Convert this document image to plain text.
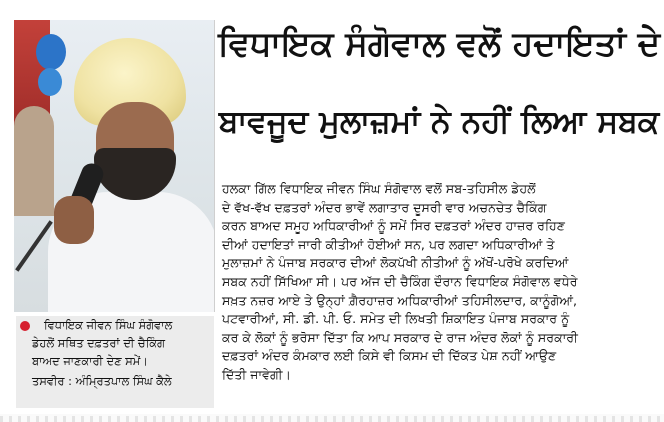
ਵਿਧਾਇਕ ਜੀਵਨ ਸਿੰਘ ਸੰਗੋਵਾਲ
ਡੇਹਲੋਂ ਸਥਿਤ ਦਫ਼ਤਰਾਂ ਦੀ ਚੈਕਿੰਗ
ਬਾਅਦ ਜਾਣਕਾਰੀ ਦੇਣ ਸਮੇਂ।
ਤਸਵੀਰ : ਅੰਮ੍ਰਿਤਪਾਲ ਸਿੰਘ ਕੈਲੇ
ਵਿਧਾਇਕ ਸੰਗੋਵਾਲ ਵਲੋਂ ਹਦਾਇਤਾਂ ਦੇ
ਬਾਵਜੂਦ ਮੁਲਾਜ਼ਮਾਂ ਨੇ ਨਹੀਂ ਲਿਆ ਸਬਕ
ਹਲਕਾ ਗਿੱਲ ਵਿਧਾਇਕ ਜੀਵਨ ਸਿੰਘ ਸੰਗੋਵਾਲ ਵਲੋਂ ਸਬ-ਤਹਿਸੀਲ ਡੇਹਲੋਂ
ਦੇ ਵੱਖ-ਵੱਖ ਦਫ਼ਤਰਾਂ ਅੰਦਰ ਭਾਵੇਂ ਲਗਾਤਾਰ ਦੂਸਰੀ ਵਾਰ ਅਚਨਚੇਤ ਚੈਕਿੰਗ
ਕਰਨ ਬਾਅਦ ਸਮੂਹ ਅਧਿਕਾਰੀਆਂ ਨੂੰ ਸਮੇਂ ਸਿਰ ਦਫ਼ਤਰਾਂ ਅੰਦਰ ਹਾਜ਼ਰ ਰਹਿਣ
ਦੀਆਂ ਹਦਾਇਤਾਂ ਜਾਰੀ ਕੀਤੀਆਂ ਹੋਈਆਂ ਸਨ, ਪਰ ਲਗਦਾ ਅਧਿਕਾਰੀਆਂ ਤੇ
ਮੁਲਾਜ਼ਮਾਂ ਨੇ ਪੰਜਾਬ ਸਰਕਾਰ ਦੀਆਂ ਲੋਕਪੱਖੀ ਨੀਤੀਆਂ ਨੂੰ ਅੱਖੋਂ-ਪਰੋਖੇ ਕਰਦਿਆਂ
ਸਬਕ ਨਹੀਂ ਸਿੱਖਿਆ ਸੀ। ਪਰ ਅੱਜ ਦੀ ਚੈਕਿੰਗ ਦੌਰਾਨ ਵਿਧਾਇਕ ਸੰਗੋਵਾਲ ਵਧੇਰੇ
ਸਖ਼ਤ ਨਜ਼ਰ ਆਏ ਤੇ ਉਨ੍ਹਾਂ ਗ਼ੈਰਹਾਜ਼ਰ ਅਧਿਕਾਰੀਆਂ ਤਹਿਸੀਲਦਾਰ, ਕਾਨੂੰਗੋਆਂ,
ਪਟਵਾਰੀਆਂ, ਸੀ. ਡੀ. ਪੀ. ਓ. ਸਮੇਤ ਦੀ ਲਿਖਤੀ ਸ਼ਿਕਾਇਤ ਪੰਜਾਬ ਸਰਕਾਰ ਨੂੰ
ਕਰ ਕੇ ਲੋਕਾਂ ਨੂੰ ਭਰੋਸਾ ਦਿੱਤਾ ਕਿ ਆਪ ਸਰਕਾਰ ਦੇ ਰਾਜ ਅੰਦਰ ਲੋਕਾਂ ਨੂੰ ਸਰਕਾਰੀ
ਦਫ਼ਤਰਾਂ ਅੰਦਰ ਕੰਮਕਾਰ ਲਈ ਕਿਸੇ ਵੀ ਕਿਸਮ ਦੀ ਦਿੱਕਤ ਪੇਸ਼ ਨਹੀਂ ਆਉਣ
ਦਿੱਤੀ ਜਾਵੇਗੀ।
